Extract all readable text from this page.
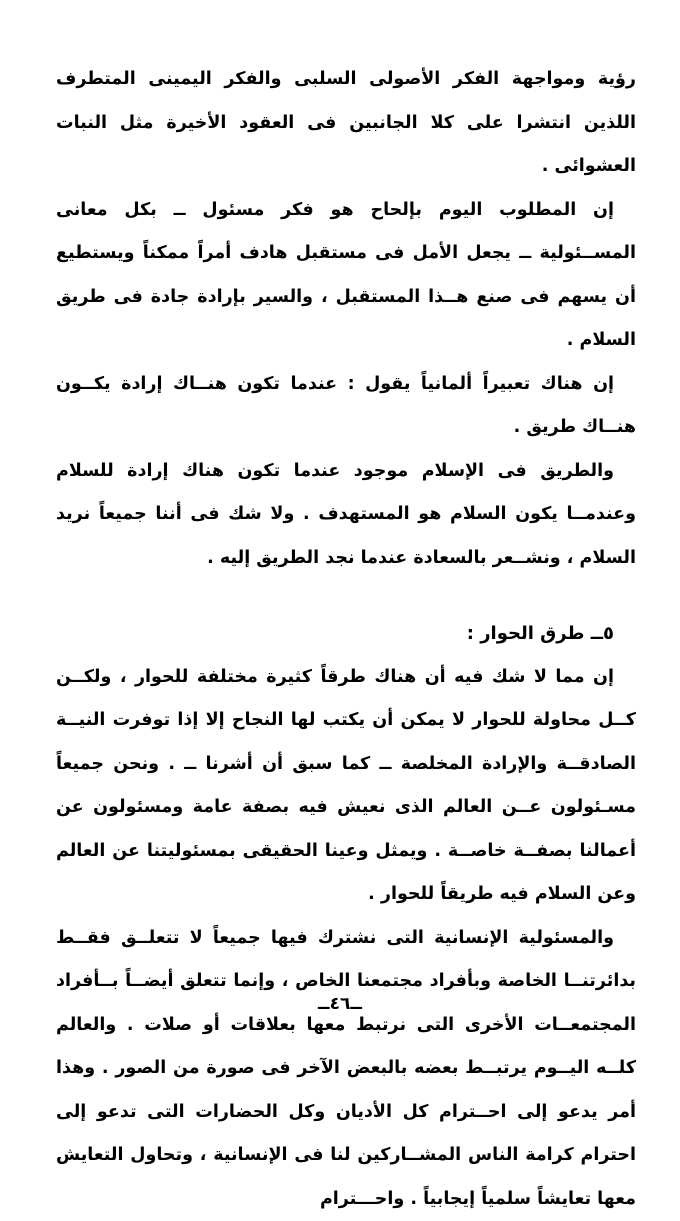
رؤية ومواجهة الفكر الأصولى السلبى والفكر اليمينى المتطرف اللذين انتشرا على كلا الجانبين فى العقود الأخيرة مثل النبات العشوائى .

إن المطلوب اليوم بإلحاح هو فكر مسئول ــ بكل معانى المســئولية ــ يجعل الأمل فى مستقبل هادف أمراً ممكناً ويستطيع أن يسهم فى صنع هــذا المستقبل ، والسير بإرادة جادة فى طريق السلام .

إن هناك تعبيراً ألمانياً يقول : عندما تكون هنــاك إرادة يكــون هنــاك طريق .

والطريق فى الإسلام موجود عندما تكون هناك إرادة للسلام وعندمــا يكون السلام هو المستهدف . ولا شك فى أننا جميعاً نريد السلام ، ونشــعر بالسعادة عندما نجد الطريق إليه .

٥ــ طرق الحوار :

إن مما لا شك فيه أن هناك طرقاً كثيرة مختلفة للحوار ، ولكــن كــل محاولة للحوار لا يمكن أن يكتب لها النجاح إلا إذا توفرت النيــة الصادقــة والإرادة المخلصة ــ كما سبق أن أشرنا ــ . ونحن جميعاً مسـئولون عــن العالم الذى نعيش فيه بصفة عامة ومسئولون عن أعمالنا بصفــة خاصــة . ويمثل وعينا الحقيقى بمسئوليتنا عن العالم وعن السلام فيه طريقاً للحوار .

والمسئولية الإنسانية التى نشترك فيها جميعاً لا تتعلــق فقــط بدائرتنــا الخاصة وبأفراد مجتمعنا الخاص ، وإنما تتعلق أيضــاً بــأفراد المجتمعــات الأخرى التى نرتبط معها بعلاقات أو صلات . والعالم كلــه اليــوم يرتبــط بعضه بالبعض الآخر فى صورة من الصور . وهذا أمر يدعو إلى احــترام كل الأديان وكل الحضارات التى تدعو إلى احترام كرامة الناس المشــاركين لنا فى الإنسانية ، وتحاول التعايش معها تعايشاً سلمياً إيجابياً . واحـــترام

ــ٤٦ــ
